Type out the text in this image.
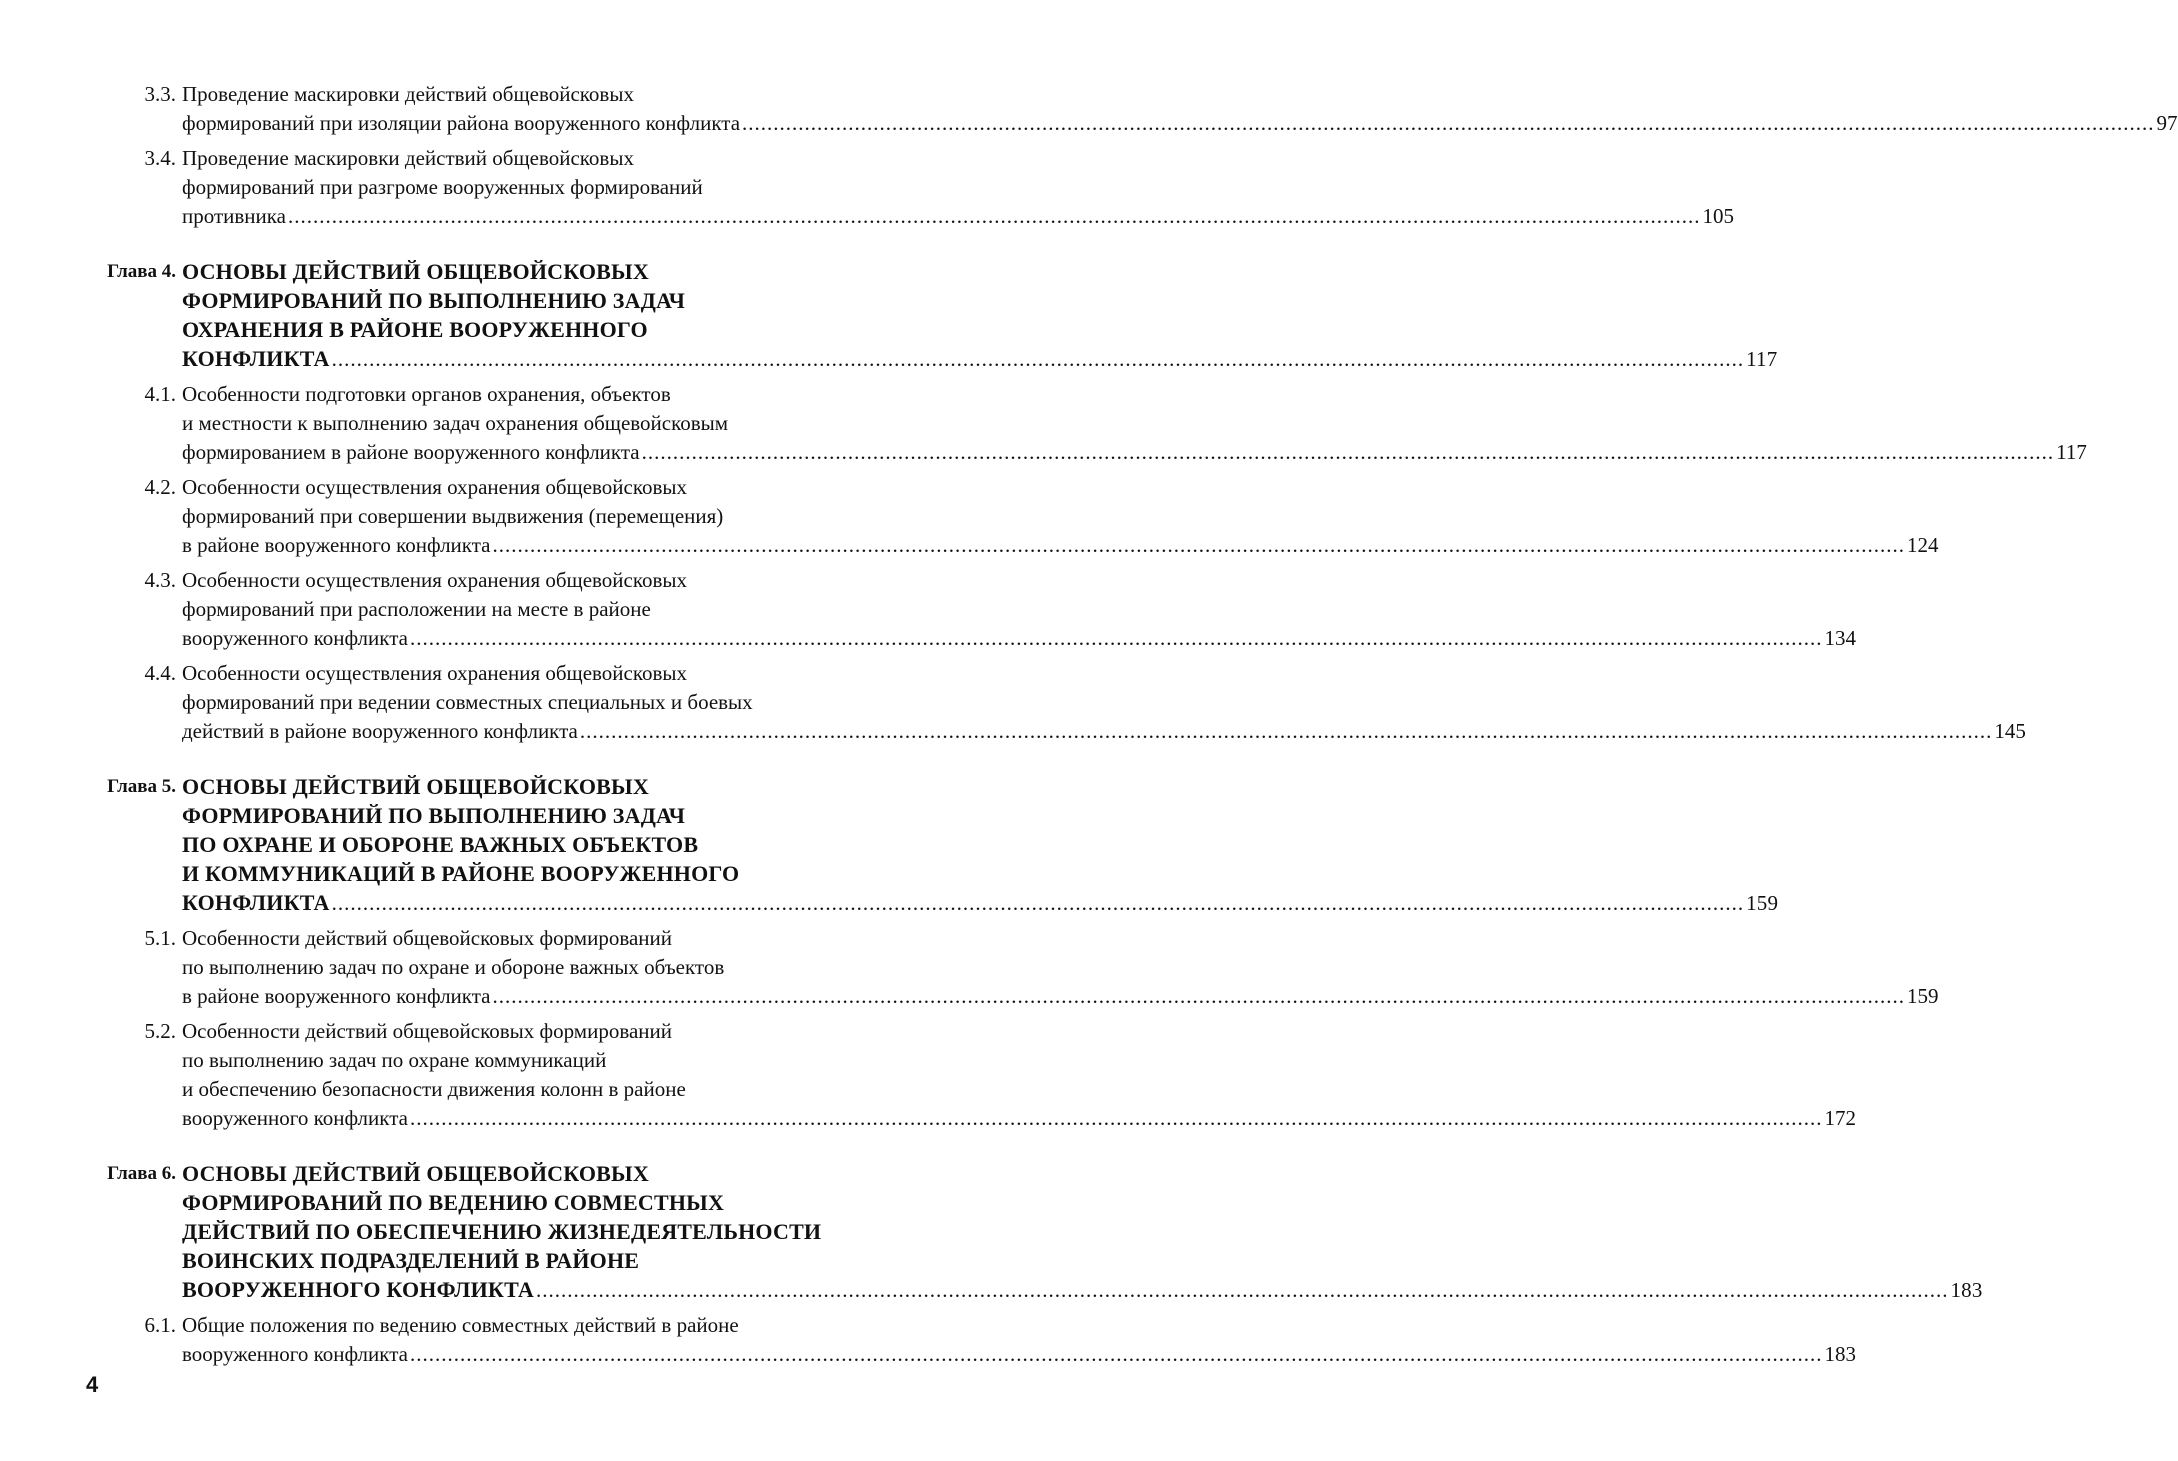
3.3. Проведение маскировки действий общевойсковых
формирований при изоляции района вооруженного конфликта .....	97
3.4. Проведение маскировки действий общевойсковых
формирований при разгроме вооруженных формирований
противника .....	105
Глава 4. ОСНОВЫ ДЕЙСТВИЙ ОБЩЕВОЙСКОВЫХ
ФОРМИРОВАНИЙ ПО ВЫПОЛНЕНИЮ ЗАДАЧ
ОХРАНЕНИЯ В РАЙОНЕ ВООРУЖЕННОГО
КОНФЛИКТА .....	117
4.1. Особенности подготовки органов охранения, объектов
и местности к выполнению задач охранения общевойсковым
формированием в районе вооруженного конфликта .....	117
4.2. Особенности осуществления охранения общевойсковых
формирований при совершении выдвижения (перемещения)
в районе вооруженного конфликта .....	124
4.3. Особенности осуществления охранения общевойсковых
формирований при расположении на месте в районе
вооруженного конфликта .....	134
4.4. Особенности осуществления охранения общевойсковых
формирований при ведении совместных специальных и боевых
действий в районе вооруженного конфликта .....	145
Глава 5. ОСНОВЫ ДЕЙСТВИЙ ОБЩЕВОЙСКОВЫХ
ФОРМИРОВАНИЙ ПО ВЫПОЛНЕНИЮ ЗАДАЧ
ПО ОХРАНЕ И ОБОРОНЕ ВАЖНЫХ ОБЪЕКТОВ
И КОММУНИКАЦИЙ В РАЙОНЕ ВООРУЖЕННОГО
КОНФЛИКТА .....	159
5.1. Особенности действий общевойсковых формирований
по выполнению задач по охране и обороне важных объектов
в районе вооруженного конфликта .....	159
5.2. Особенности действий общевойсковых формирований
по выполнению задач по охране коммуникаций
и обеспечению безопасности движения колонн в районе
вооруженного конфликта .....	172
Глава 6. ОСНОВЫ ДЕЙСТВИЙ ОБЩЕВОЙСКОВЫХ
ФОРМИРОВАНИЙ ПО ВЕДЕНИЮ СОВМЕСТНЫХ
ДЕЙСТВИЙ ПО ОБЕСПЕЧЕНИЮ ЖИЗНЕДЕЯТЕЛЬНОСТИ
ВОИНСКИХ ПОДРАЗДЕЛЕНИЙ В РАЙОНЕ
ВООРУЖЕННОГО КОНФЛИКТА .....	183
6.1. Общие положения по ведению совместных действий в районе
вооруженного конфликта .....	183
4
